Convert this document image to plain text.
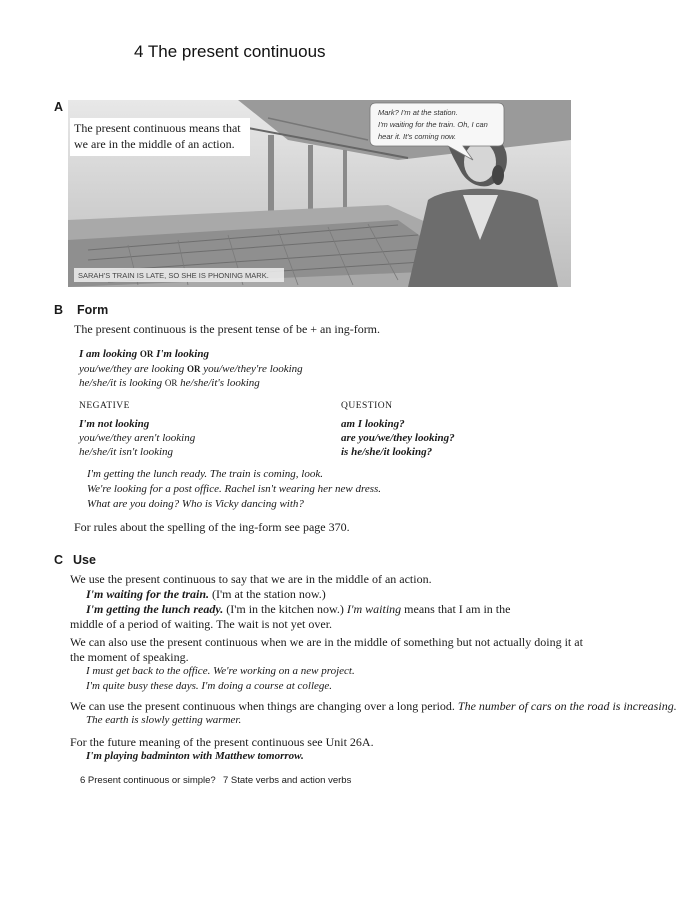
4 The present continuous
A	Mark? I'm at the station.
I'm waiting for the train. Oh, I can
hear it. It's coming now.
SARAH'S TRAIN IS LATE, SO SHE IS PHONING MARK.
The present continuous means that
we are in the middle of an action.
B Form
The present continuous is the present tense of be + an ing-form.
I am looking OR I'm looking
you/we/they are looking OR you/we/they're looking
he/she/it is looking OR he/she/it's looking
NEGATIVE
I'm not looking
you/we/they aren't looking
he/she/it isn't looking
QUESTION
am I looking?
are you/we/they looking?
is he/she/it looking?
I'm getting the lunch ready. The train is coming, look.
We're looking for a post office. Rachel isn't wearing her new dress.
What are you doing? Who is Vicky dancing with?
For rules about the spelling of the ing-form see page 370.
C Use
We use the present continuous to say that we are in the middle of an action.
I'm waiting for the train. (I'm at the station now.)
I'm getting the lunch ready. (I'm in the kitchen now.) I'm waiting means that I am in the
middle of a period of waiting. The wait is not yet over.
We can also use the present continuous when we are in the middle of something but not actually doing it at
the moment of speaking.
I must get back to the office. We're working on a new project.
I'm quite busy these days. I'm doing a course at college.
We can use the present continuous when things are changing over a long period. The number of cars on the road is increasing.
The earth is slowly getting warmer.
For the future meaning of the present continuous see Unit 26A.
I'm playing badminton with Matthew tomorrow.
6 Present continuous or simple? 7 State verbs and action verbs
